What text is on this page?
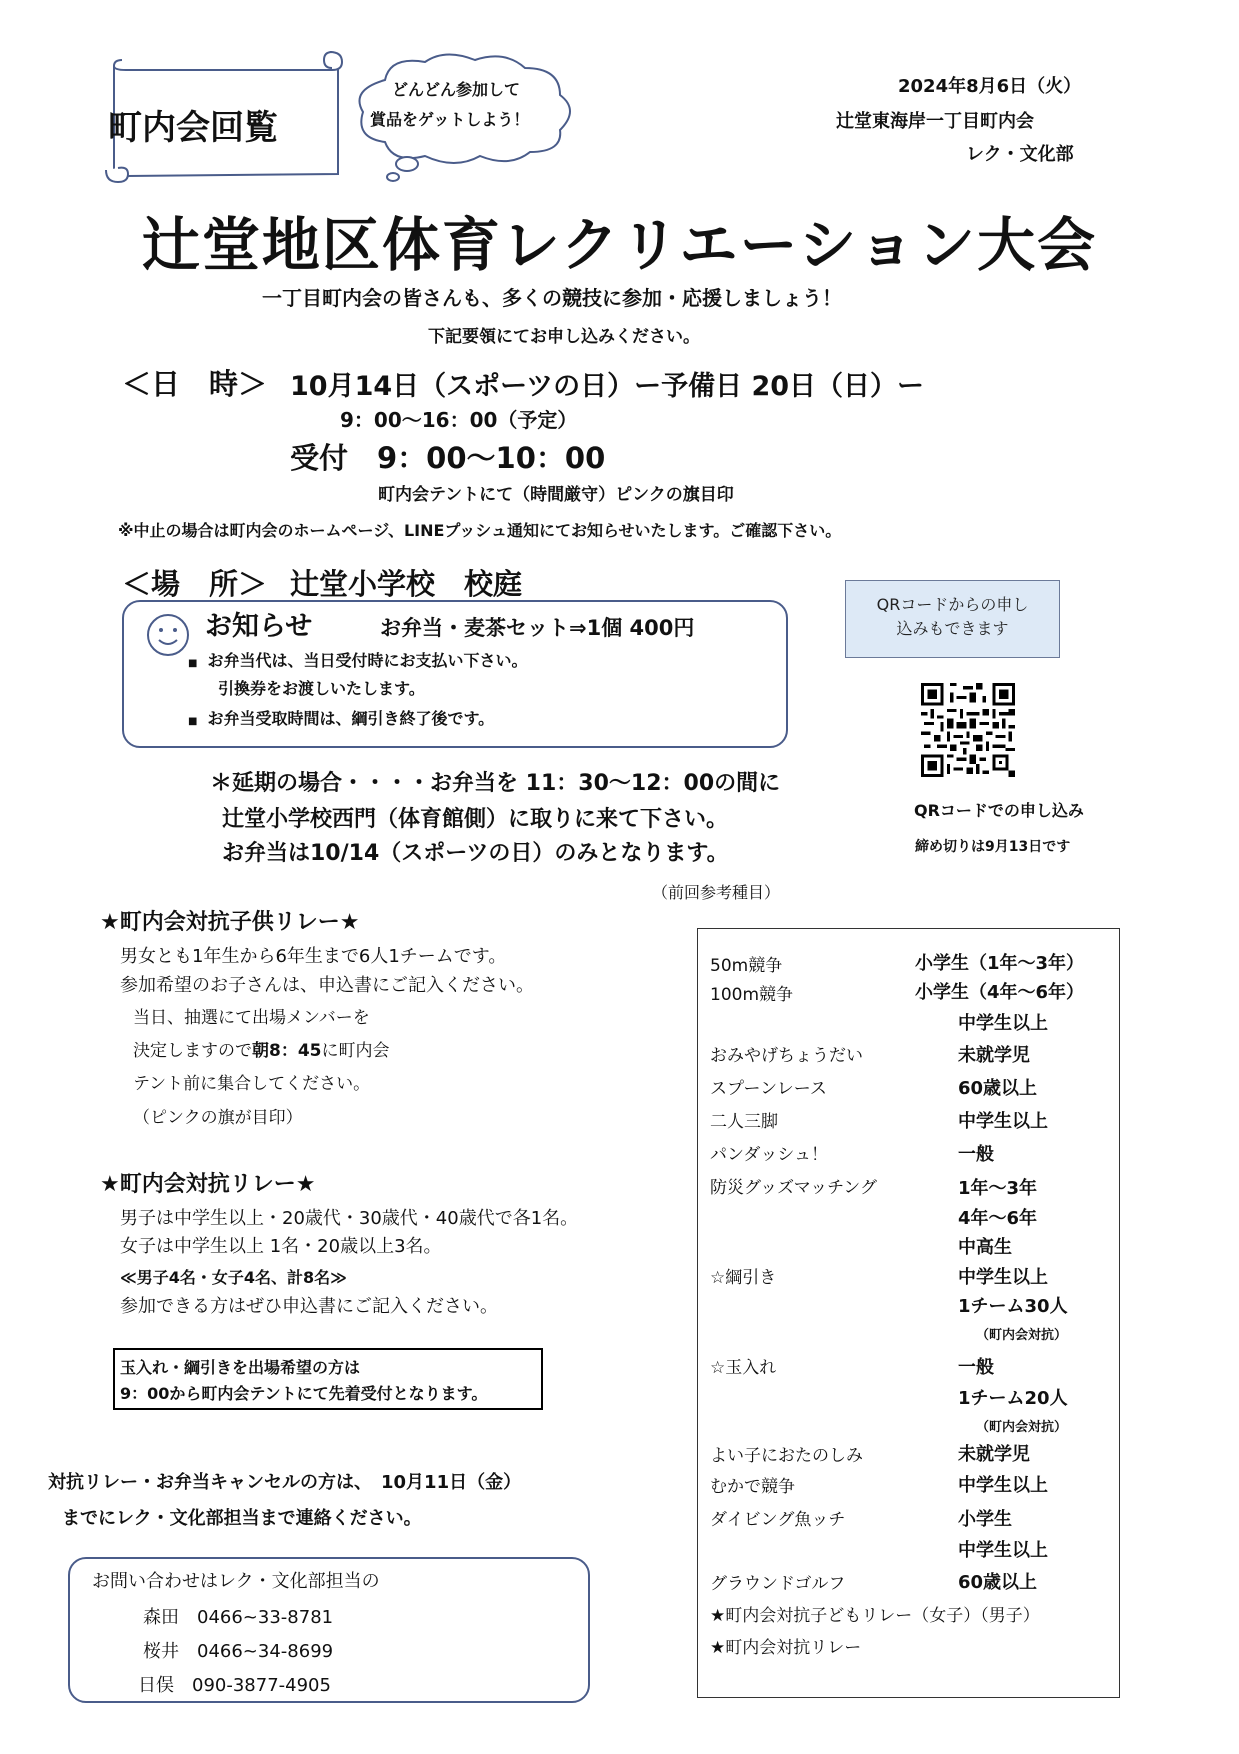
町内会回覧
どんどん参加して
賞品をゲットしよう！
2024年8月6日（火）
辻堂東海岸一丁目町内会
レク・文化部
辻堂地区体育レクリエーション大会
一丁目町内会の皆さんも、多くの競技に参加・応援しましょう！
下記要領にてお申し込みください。
＜日　時＞ 10月14日（スポーツの日）ー予備日 20日（日）ー
9：00～16：00（予定）
受付　9：00～10：00
町内会テントにて（時間厳守）ピンクの旗目印
※中止の場合は町内会のホームページ、LINEプッシュ通知にてお知らせいたします。ご確認下さい。
＜場　所＞ 辻堂小学校　校庭
お知らせ	お弁当・麦茶セット⇒1個 400円
■ お弁当代は、当日受付時にお支払い下さい。
引換券をお渡しいたします。
■ お弁当受取時間は、綱引き終了後です。
＊延期の場合・・・・お弁当を 11：30～12：00の間に
辻堂小学校西門（体育館側）に取りに来て下さい。
お弁当は10/14（スポーツの日）のみとなります。
QRコードからの申し
込みもできます
QRコードでの申し込み
締め切りは9月13日です
（前回参考種目）
★町内会対抗子供リレー★
男女とも1年生から6年生まで6人1チームです。
参加希望のお子さんは、申込書にご記入ください。
当日、抽選にて出場メンバーを
決定しますので朝8：45に町内会
テント前に集合してください。
（ピンクの旗が目印）
★町内会対抗リレー★
男子は中学生以上・20歳代・30歳代・40歳代で各1名。
女子は中学生以上 1名・20歳以上3名。
≪男子4名・女子4名、計8名≫
参加できる方はぜひ申込書にご記入ください。
玉入れ・綱引きを出場希望の方は
9：00から町内会テントにて先着受付となります。
対抗リレー・お弁当キャンセルの方は、　10月11日（金）
までにレク・文化部担当まで連絡ください。
お問い合わせはレク・文化部担当の
森田　0466~33-8781
桜井　0466~34-8699
日俣　090-3877-4905
50m競争	小学生（1年～3年）
100m競争	小学生（4年～6年）
中学生以上
おみやげちょうだい	未就学児
スプーンレース	60歳以上
二人三脚	中学生以上
パンダッシュ！	一般
防災グッズマッチング	1年～3年
4年～6年
中高生
☆綱引き	中学生以上
1チーム30人
（町内会対抗）
☆玉入れ	一般
1チーム20人
（町内会対抗）
よい子におたのしみ	未就学児
むかで競争	中学生以上
ダイビング魚ッチ	小学生
中学生以上
グラウンドゴルフ	60歳以上
★町内会対抗子どもリレー（女子）（男子）
★町内会対抗リレー
